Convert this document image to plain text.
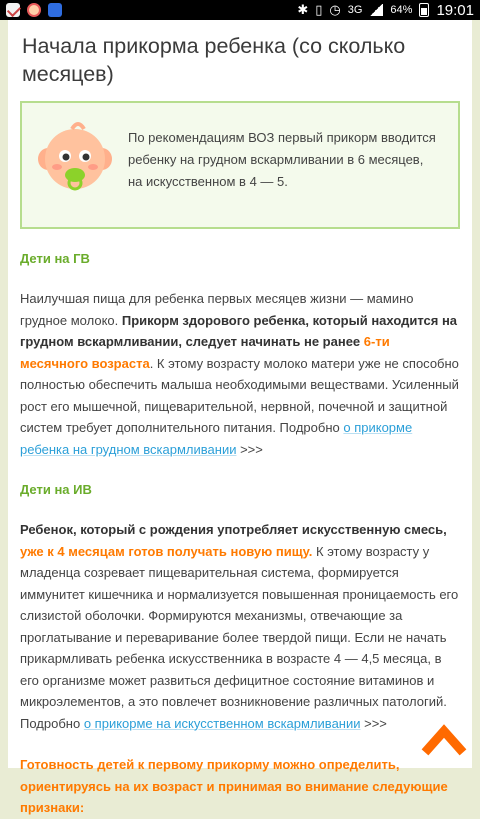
✱ ▯ ◷ 3G	64% 19:01
Начала прикорма ребенка (со сколько месяцев)
По рекомендациям ВОЗ первый прикорм вводится ребенку на грудном вскармливании в 6 месяцев, на искусственном в 4 — 5.
Дети на ГВ

Наилучшая пища для ребенка первых месяцев жизни — мамино грудное молоко. Прикорм здорового ребенка, который находится на грудном вскармливании, следует начинать не ранее 6-ти месячного возраста. К этому возрасту молоко матери уже не способно полностью обеспечить малыша необходимыми веществами. Усиленный рост его мышечной, пищеварительной, нервной, почечной и защитной систем требует дополнительного питания. Подробно о прикорме ребенка на грудном вскармливании >>>

Дети на ИВ

Ребенок, который с рождения употребляет искусственную смесь, уже к 4 месяцам готов получать новую пищу. К этому возрасту у младенца созревает пищеварительная система, формируется иммунитет кишечника и нормализуется повышенная проницаемость его слизистой оболочки. Формируются механизмы, отвечающие за проглатывание и переваривание более твердой пищи. Если не начать прикармливать ребенка искусственника в возрасте 4 — 4,5 месяца, в его организме может развиться дефицитное состояние витаминов и микроэлементов, а это повлечет возникновение различных патологий. Подробно о прикорме на искусственном вскармливании >>>

Готовность детей к первому прикорму можно определить, ориентируясь на их возраст и принимая во внимание следующие признаки:
